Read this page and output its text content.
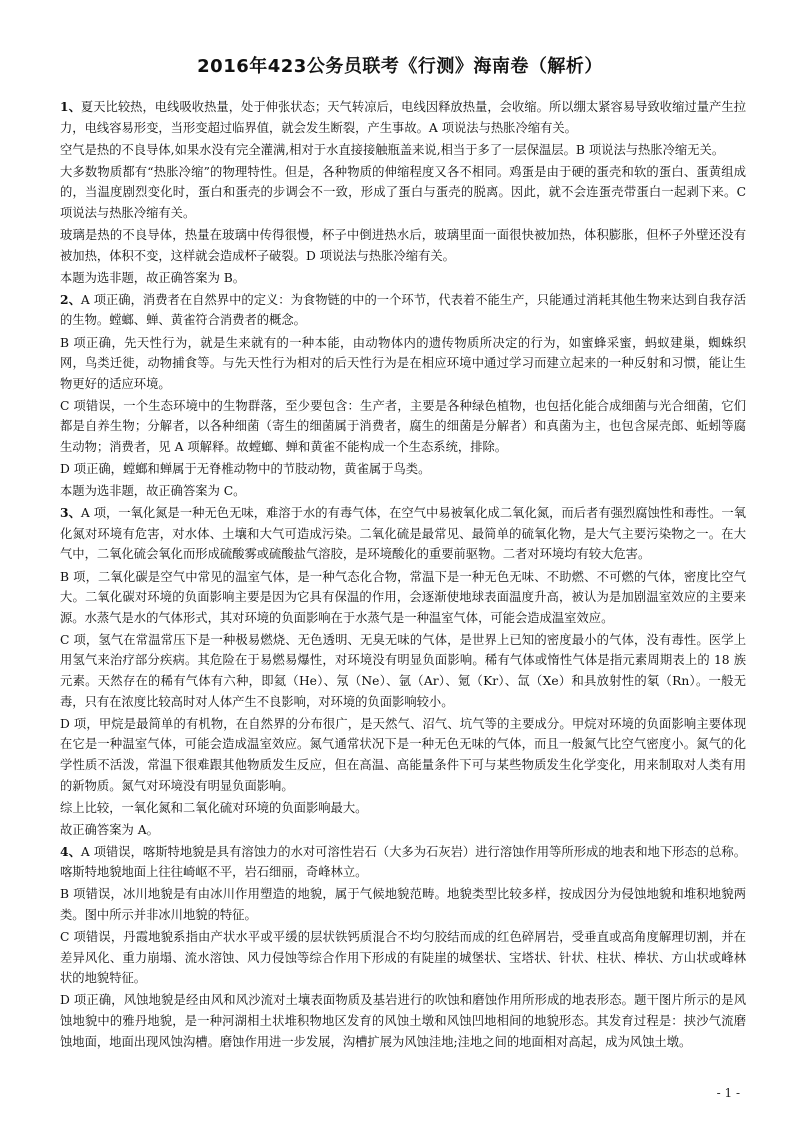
2016年423公务员联考《行测》海南卷（解析）

1、夏天比较热，电线吸收热量，处于伸张状态；天气转凉后，电线因释放热量，会收缩。所以绷太紧容易导致收缩过量产生拉力，电线容易形变，当形变超过临界值，就会发生断裂，产生事故。A 项说法与热胀冷缩有关。

空气是热的不良导体,如果水没有完全灌满,相对于水直接接触瓶盖来说,相当于多了一层保温层。B 项说法与热胀冷缩无关。

大多数物质都有“热胀冷缩”的物理特性。但是，各种物质的伸缩程度又各不相同。鸡蛋是由于硬的蛋壳和软的蛋白、蛋黄组成的，当温度剧烈变化时，蛋白和蛋壳的步调会不一致，形成了蛋白与蛋壳的脱离。因此，就不会连蛋壳带蛋白一起剥下来。C 项说法与热胀冷缩有关。

玻璃是热的不良导体，热量在玻璃中传得很慢，杯子中倒进热水后，玻璃里面一面很快被加热，体积膨胀，但杯子外壁还没有被加热，体积不变，这样就会造成杯子破裂。D 项说法与热胀冷缩有关。

本题为选非题，故正确答案为 B。

2、A 项正确，消费者在自然界中的定义：为食物链的中的一个环节，代表着不能生产，只能通过消耗其他生物来达到自我存活的生物。螳螂、蝉、黄雀符合消费者的概念。

B 项正确，先天性行为，就是生来就有的一种本能，由动物体内的遗传物质所决定的行为，如蜜蜂采蜜，蚂蚁建巢，蜘蛛织网，鸟类迁徙，动物捕食等。与先天性行为相对的后天性行为是在相应环境中通过学习而建立起来的一种反射和习惯，能让生物更好的适应环境。

C 项错误，一个生态环境中的生物群落，至少要包含：生产者，主要是各种绿色植物，也包括化能合成细菌与光合细菌，它们都是自养生物；分解者，以各种细菌（寄生的细菌属于消费者，腐生的细菌是分解者）和真菌为主，也包含屎壳郎、蚯蚓等腐生动物；消费者，见 A 项解释。故螳螂、蝉和黄雀不能构成一个生态系统，排除。

D 项正确，螳螂和蝉属于无脊椎动物中的节肢动物，黄雀属于鸟类。

本题为选非题，故正确答案为 C。

3、A 项，一氧化氮是一种无色无味，难溶于水的有毒气体，在空气中易被氧化成二氧化氮，而后者有强烈腐蚀性和毒性。一氧化氮对环境有危害，对水体、土壤和大气可造成污染。二氧化硫是最常见、最简单的硫氧化物，是大气主要污染物之一。在大气中，二氧化硫会氧化而形成硫酸雾或硫酸盐气溶胶，是环境酸化的重要前驱物。二者对环境均有较大危害。

B 项，二氧化碳是空气中常见的温室气体，是一种气态化合物，常温下是一种无色无味、不助燃、不可燃的气体，密度比空气大。二氧化碳对环境的负面影响主要是因为它具有保温的作用，会逐渐使地球表面温度升高，被认为是加剧温室效应的主要来源。水蒸气是水的气体形式，其对环境的负面影响在于水蒸气是一种温室气体，可能会造成温室效应。

C 项，氢气在常温常压下是一种极易燃烧、无色透明、无臭无味的气体，是世界上已知的密度最小的气体，没有毒性。医学上用氢气来治疗部分疾病。其危险在于易燃易爆性，对环境没有明显负面影响。稀有气体或惰性气体是指元素周期表上的 18 族元素。天然存在的稀有气体有六种，即氦（He）、氖（Ne）、氩（Ar）、氪（Kr）、氙（Xe）和具放射性的氡（Rn）。一般无毒，只有在浓度比较高时对人体产生不良影响，对环境的负面影响较小。

D 项，甲烷是最简单的有机物，在自然界的分布很广，是天然气、沼气、坑气等的主要成分。甲烷对环境的负面影响主要体现在它是一种温室气体，可能会造成温室效应。氮气通常状况下是一种无色无味的气体，而且一般氮气比空气密度小。氮气的化学性质不活泼，常温下很难跟其他物质发生反应，但在高温、高能量条件下可与某些物质发生化学变化，用来制取对人类有用的新物质。氮气对环境没有明显负面影响。

综上比较，一氧化氮和二氧化硫对环境的负面影响最大。

故正确答案为 A。

4、A 项错误，喀斯特地貌是具有溶蚀力的水对可溶性岩石（大多为石灰岩）进行溶蚀作用等所形成的地表和地下形态的总称。喀斯特地貌地面上往往崎岖不平，岩石细丽，奇峰林立。

B 项错误，冰川地貌是有由冰川作用塑造的地貌，属于气候地貌范畴。地貌类型比较多样，按成因分为侵蚀地貌和堆积地貌两类。图中所示并非冰川地貌的特征。

C 项错误，丹霞地貌系指由产状水平或平缓的层状铁钙质混合不均匀胶结而成的红色碎屑岩，受垂直或高角度解理切割，并在差异风化、重力崩塌、流水溶蚀、风力侵蚀等综合作用下形成的有陡崖的城堡状、宝塔状、针状、柱状、棒状、方山状或峰林状的地貌特征。

D 项正确，风蚀地貌是经由风和风沙流对土壤表面物质及基岩进行的吹蚀和磨蚀作用所形成的地表形态。题干图片所示的是风蚀地貌中的雅丹地貌，是一种河湖相土状堆积物地区发育的风蚀土墩和风蚀凹地相间的地貌形态。其发育过程是：挟沙气流磨蚀地面，地面出现风蚀沟槽。磨蚀作用进一步发展，沟槽扩展为风蚀洼地;洼地之间的地面相对高起，成为风蚀土墩。

- 1 -
